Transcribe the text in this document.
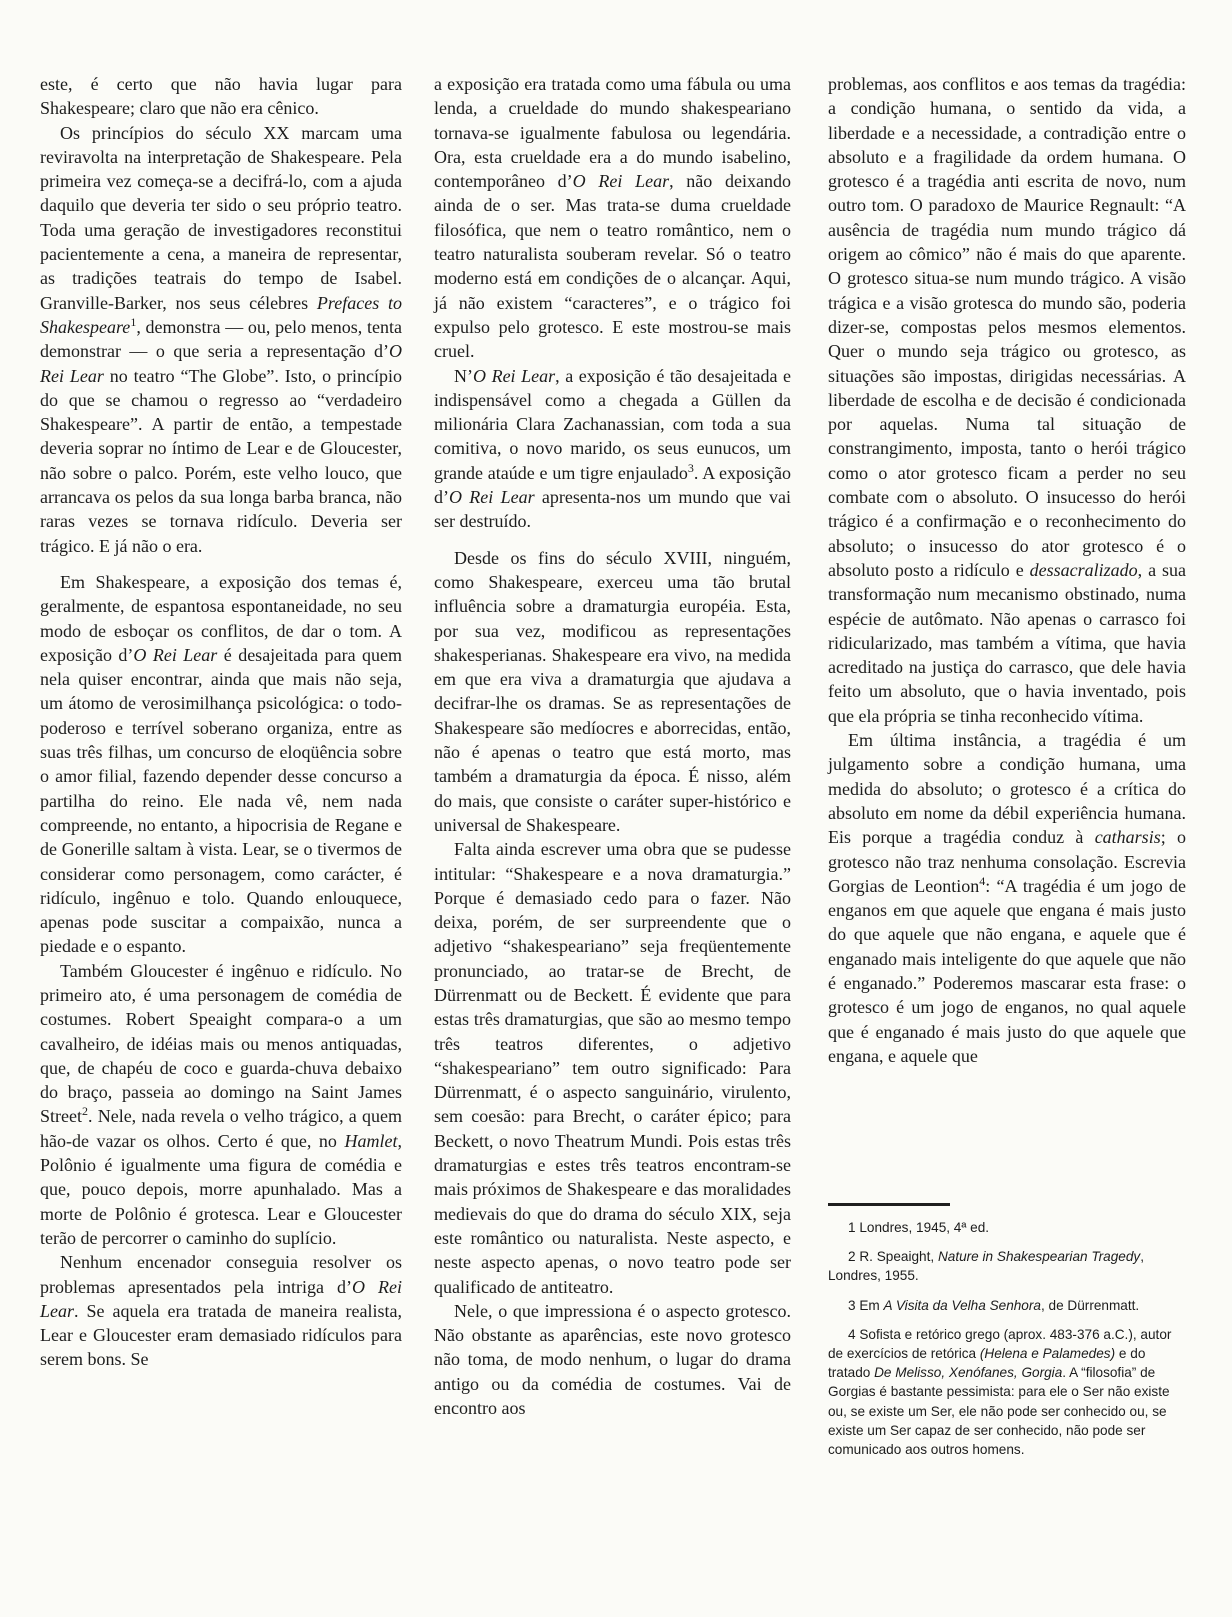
este, é certo que não havia lugar para Shakespeare; claro que não era cênico.

Os princípios do século XX marcam uma reviravolta na interpretação de Shakespeare. Pela primeira vez começa-se a decifrá-lo, com a ajuda daquilo que deveria ter sido o seu próprio teatro. Toda uma geração de investigadores reconstitui pacientemente a cena, a maneira de representar, as tradições teatrais do tempo de Isabel. Granville-Barker, nos seus célebres Prefaces to Shakespeare$^1$, demonstra — ou, pelo menos, tenta demonstrar — o que seria a representação d’O Rei Lear no teatro “The Globe”. Isto, o princípio do que se chamou o regresso ao “verdadeiro Shakespeare”. A partir de então, a tempestade deveria soprar no íntimo de Lear e de Gloucester, não sobre o palco. Porém, este velho louco, que arrancava os pelos da sua longa barba branca, não raras vezes se tornava ridículo. Deveria ser trágico. E já não o era.

Em Shakespeare, a exposição dos temas é, geralmente, de espantosa espontaneidade, no seu modo de esboçar os conflitos, de dar o tom. A exposição d’O Rei Lear é desajeitada para quem nela quiser encontrar, ainda que mais não seja, um átomo de verosimilhança psicológica: o todo-poderoso e terrível soberano organiza, entre as suas três filhas, um concurso de eloqüência sobre o amor filial, fazendo depender desse concurso a partilha do reino. Ele nada vê, nem nada compreende, no entanto, a hipocrisia de Regane e de Gonerille saltam à vista. Lear, se o tivermos de considerar como personagem, como carácter, é ridículo, ingênuo e tolo. Quando enlouquece, apenas pode suscitar a compaixão, nunca a piedade e o espanto.

Também Gloucester é ingênuo e ridículo. No primeiro ato, é uma personagem de comédia de costumes. Robert Speaight compara-o a um cavalheiro, de idéias mais ou menos antiquadas, que, de chapéu de coco e guarda-chuva debaixo do braço, passeia ao domingo na Saint James Street$^2$. Nele, nada revela o velho trágico, a quem hão-de vazar os olhos. Certo é que, no Hamlet, Polônio é igualmente uma figura de comédia e que, pouco depois, morre apunhalado. Mas a morte de Polônio é grotesca. Lear e Gloucester terão de percorrer o caminho do suplício.

Nenhum encenador conseguia resolver os problemas apresentados pela intriga d’O Rei Lear. Se aquela era tratada de maneira realista, Lear e Gloucester eram demasiado ridículos para serem bons. Se

a exposição era tratada como uma fábula ou uma lenda, a crueldade do mundo shakespeariano tornava-se igualmente fabulosa ou legendária. Ora, esta crueldade era a do mundo isabelino, contemporâneo d’O Rei Lear, não deixando ainda de o ser. Mas trata-se duma crueldade filosófica, que nem o teatro romântico, nem o teatro naturalista souberam revelar. Só o teatro moderno está em condições de o alcançar. Aqui, já não existem “caracteres”, e o trágico foi expulso pelo grotesco. E este mostrou-se mais cruel.

N’O Rei Lear, a exposição é tão desajeitada e indispensável como a chegada a Güllen da milionária Clara Zachanassian, com toda a sua comitiva, o novo marido, os seus eunucos, um grande ataúde e um tigre enjaulado$^3$. A exposição d’O Rei Lear apresenta-nos um mundo que vai ser destruído.

Desde os fins do século XVIII, ninguém, como Shakespeare, exerceu uma tão brutal influência sobre a dramaturgia européia. Esta, por sua vez, modificou as representações shakesperianas. Shakespeare era vivo, na medida em que era viva a dramaturgia que ajudava a decifrar-lhe os dramas. Se as representações de Shakespeare são medíocres e aborrecidas, então, não é apenas o teatro que está morto, mas também a dramaturgia da época. É nisso, além do mais, que consiste o caráter super-histórico e universal de Shakespeare.

Falta ainda escrever uma obra que se pudesse intitular: “Shakespeare e a nova dramaturgia.” Porque é demasiado cedo para o fazer. Não deixa, porém, de ser surpreendente que o adjetivo “shakespeariano” seja freqüentemente pronunciado, ao tratar-se de Brecht, de Dürrenmatt ou de Beckett. É evidente que para estas três dramaturgias, que são ao mesmo tempo três teatros diferentes, o adjetivo “shakespeariano” tem outro significado: Para Dürrenmatt, é o aspecto sanguinário, virulento, sem coesão: para Brecht, o caráter épico; para Beckett, o novo Theatrum Mundi. Pois estas três dramaturgias e estes três teatros encontram-se mais próximos de Shakespeare e das moralidades medievais do que do drama do século XIX, seja este romântico ou naturalista. Neste aspecto, e neste aspecto apenas, o novo teatro pode ser qualificado de antiteatro.

Nele, o que impressiona é o aspecto grotesco. Não obstante as aparências, este novo grotesco não toma, de modo nenhum, o lugar do drama antigo ou da comédia de costumes. Vai de encontro aos

problemas, aos conflitos e aos temas da tragédia: a condição humana, o sentido da vida, a liberdade e a necessidade, a contradição entre o absoluto e a fragilidade da ordem humana. O grotesco é a tragédia anti escrita de novo, num outro tom. O paradoxo de Maurice Regnault: “A ausência de tragédia num mundo trágico dá origem ao cômico” não é mais do que aparente. O grotesco situa-se num mundo trágico. A visão trágica e a visão grotesca do mundo são, poderia dizer-se, compostas pelos mesmos elementos. Quer o mundo seja trágico ou grotesco, as situações são impostas, dirigidas necessárias. A liberdade de escolha e de decisão é condicionada por aquelas. Numa tal situação de constrangimento, imposta, tanto o herói trágico como o ator grotesco ficam a perder no seu combate com o absoluto. O insucesso do herói trágico é a confirmação e o reconhecimento do absoluto; o insucesso do ator grotesco é o absoluto posto a ridículo e dessacralizado, a sua transformação num mecanismo obstinado, numa espécie de autômato. Não apenas o carrasco foi ridicularizado, mas também a vítima, que havia acreditado na justiça do carrasco, que dele havia feito um absoluto, que o havia inventado, pois que ela própria se tinha reconhecido vítima.

Em última instância, a tragédia é um julgamento sobre a condição humana, uma medida do absoluto; o grotesco é a crítica do absoluto em nome da débil experiência humana. Eis porque a tragédia conduz à catharsis; o grotesco não traz nenhuma consolação. Escrevia Gorgias de Leontion$^4$: “A tragédia é um jogo de enganos em que aquele que engana é mais justo do que aquele que não engana, e aquele que é enganado mais inteligente do que aquele que não é enganado.” Poderemos mascarar esta frase: o grotesco é um jogo de enganos, no qual aquele que é enganado é mais justo do que aquele que engana, e aquele que

1 Londres, 1945, 4ª ed.

2 R. Speaight, Nature in Shakespearian Tragedy, Londres, 1955.

3 Em A Visita da Velha Senhora, de Dürrenmatt.

4 Sofista e retórico grego (aprox. 483-376 a.C.), autor de exercícios de retórica (Helena e Palamedes) e do tratado De Melisso, Xenófanes, Gorgia. A “filosofia” de Gorgias é bastante pessimista: para ele o Ser não existe ou, se existe um Ser, ele não pode ser conhecido ou, se existe um Ser capaz de ser conhecido, não pode ser comunicado aos outros homens.
